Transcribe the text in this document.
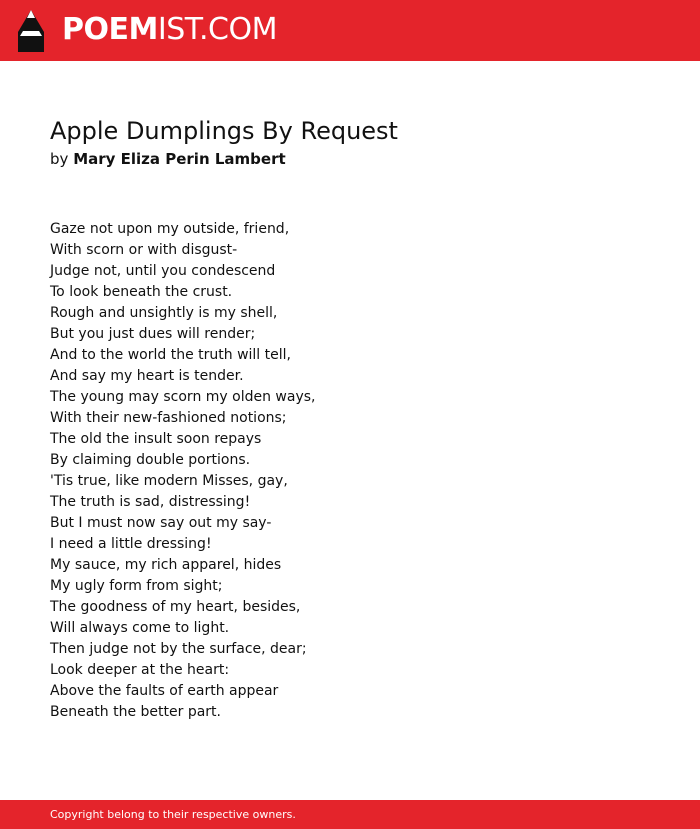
POEMIST.COM
Apple Dumplings By Request
by Mary Eliza Perin Lambert
Gaze not upon my outside, friend,
With scorn or with disgust-
Judge not, until you condescend
To look beneath the crust.
Rough and unsightly is my shell,
But you just dues will render;
And to the world the truth will tell,
And say my heart is tender.
The young may scorn my olden ways,
With their new-fashioned notions;
The old the insult soon repays
By claiming double portions.
'Tis true, like modern Misses, gay,
The truth is sad, distressing!
But I must now say out my say-
I need a little dressing!
My sauce, my rich apparel, hides
My ugly form from sight;
The goodness of my heart, besides,
Will always come to light.
Then judge not by the surface, dear;
Look deeper at the heart:
Above the faults of earth appear
Beneath the better part.
Copyright belong to their respective owners.
